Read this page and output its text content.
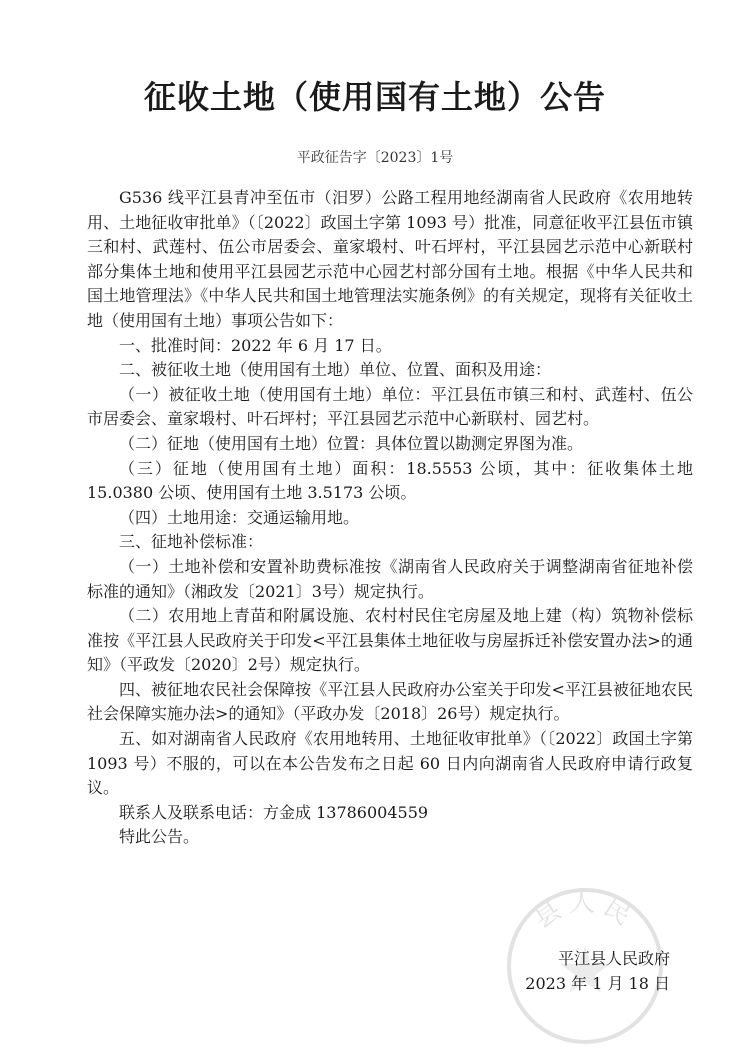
征收土地（使用国有土地）公告
平政征告字〔2023〕1号

G536 线平江县青冲至伍市（汨罗）公路工程用地经湖南省人民政府《农用地转用、土地征收审批单》（〔2022〕政国土字第 1093 号）批准，同意征收平江县伍市镇三和村、武莲村、伍公市居委会、童家塅村、叶石坪村，平江县园艺示范中心新联村部分集体土地和使用平江县园艺示范中心园艺村部分国有土地。根据《中华人民共和国土地管理法》《中华人民共和国土地管理法实施条例》的有关规定，现将有关征收土地（使用国有土地）事项公告如下：

一、批准时间：2022 年 6 月 17 日。

二、被征收土地（使用国有土地）单位、位置、面积及用途：

（一）被征收土地（使用国有土地）单位：平江县伍市镇三和村、武莲村、伍公市居委会、童家塅村、叶石坪村；平江县园艺示范中心新联村、园艺村。

（二）征地（使用国有土地）位置：具体位置以勘测定界图为准。

（三）征地（使用国有土地）面积：18.5553 公顷，其中：征收集体土地 15.0380 公顷、使用国有土地 3.5173 公顷。

（四）土地用途：交通运输用地。

三、征地补偿标准：

（一）土地补偿和安置补助费标准按《湖南省人民政府关于调整湖南省征地补偿标准的通知》（湘政发〔2021〕3号）规定执行。

（二）农用地上青苗和附属设施、农村村民住宅房屋及地上建（构）筑物补偿标准按《平江县人民政府关于印发<平江县集体土地征收与房屋拆迁补偿安置办法>的通知》（平政发〔2020〕2号）规定执行。

四、被征地农民社会保障按《平江县人民政府办公室关于印发<平江县被征地农民社会保障实施办法>的通知》（平政办发〔2018〕26号）规定执行。

五、如对湖南省人民政府《农用地转用、土地征收审批单》（〔2022〕政国土字第 1093 号）不服的，可以在本公告发布之日起 60 日内向湖南省人民政府申请行政复议。

联系人及联系电话：方金成 13786004559

特此公告。

县人民
平江县人民政府
2023 年 1 月 18 日
